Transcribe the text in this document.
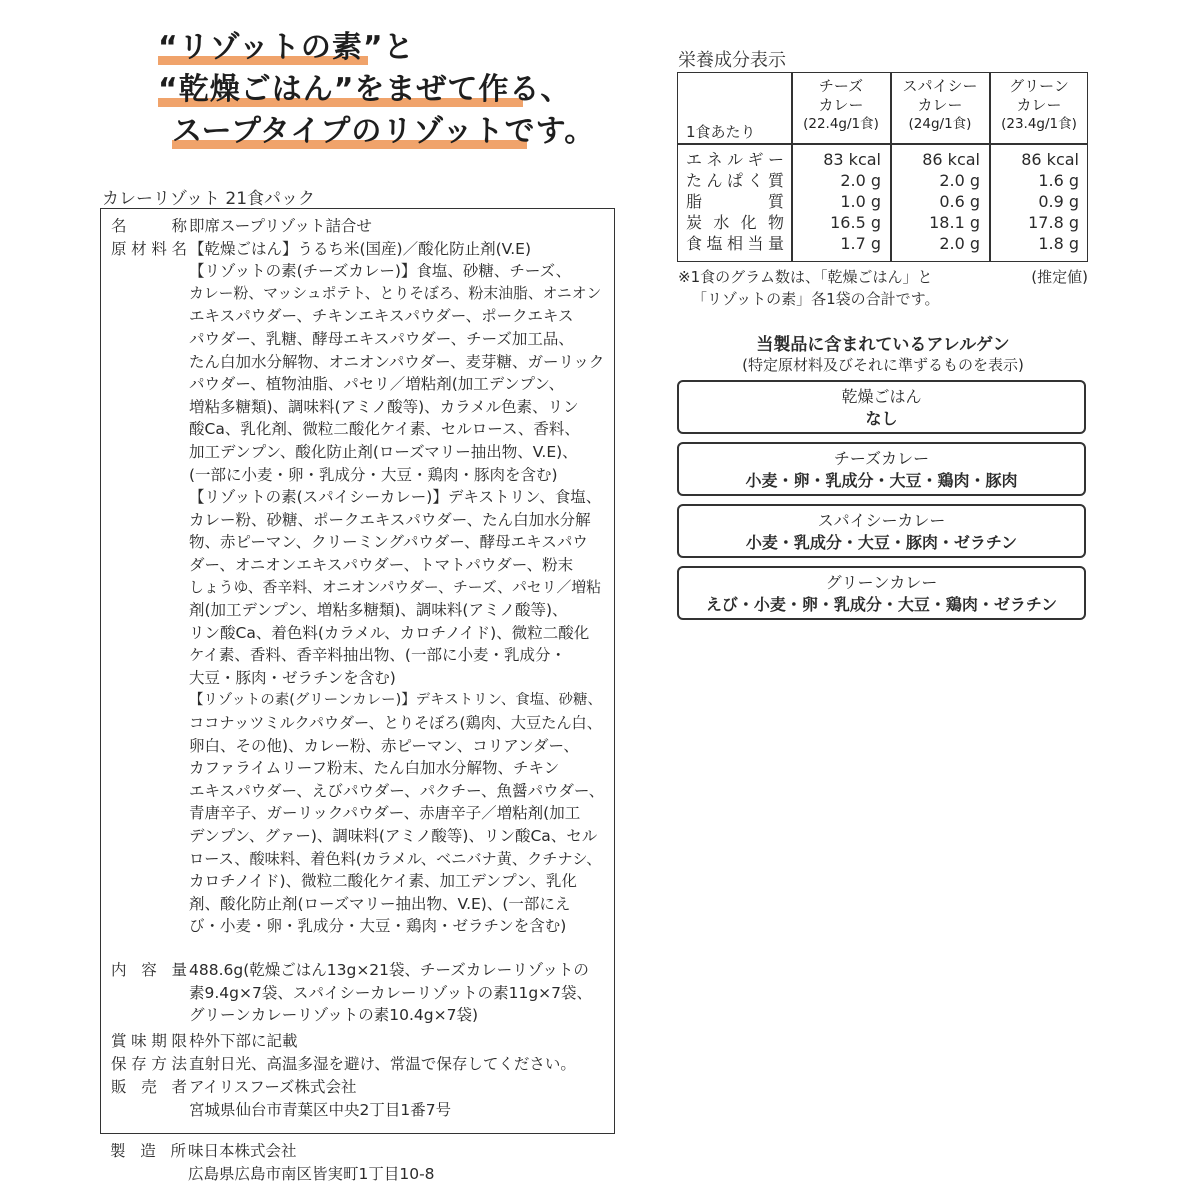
“リゾットの素”と
“乾燥ごはん”をまぜて作る、
スープタイプのリゾットです。
カレーリゾット 21食パック
名　称 即席スープリゾット詰合せ
原材料名 【乾燥ごはん】うるち米(国産)／酸化防止剤(V.E)
【リゾットの素(チーズカレー)】食塩、砂糖、チーズ、
カレー粉、マッシュポテト、とりそぼろ、粉末油脂、オニオン
エキスパウダー、チキンエキスパウダー、ポークエキス
パウダー、乳糖、酵母エキスパウダー、チーズ加工品、
たん白加水分解物、オニオンパウダー、麦芽糖、ガーリック
パウダー、植物油脂、パセリ／増粘剤(加工デンプン、
増粘多糖類)、調味料(アミノ酸等)、カラメル色素、リン
酸Ca、乳化剤、微粒二酸化ケイ素、セルロース、香料、
加工デンプン、酸化防止剤(ローズマリー抽出物、V.E)、
(一部に小麦・卵・乳成分・大豆・鶏肉・豚肉を含む)
【リゾットの素(スパイシーカレー)】デキストリン、食塩、
カレー粉、砂糖、ポークエキスパウダー、たん白加水分解
物、赤ピーマン、クリーミングパウダー、酵母エキスパウ
ダー、オニオンエキスパウダー、トマトパウダー、粉末
しょうゆ、香辛料、オニオンパウダー、チーズ、パセリ／増粘
剤(加工デンプン、増粘多糖類)、調味料(アミノ酸等)、
リン酸Ca、着色料(カラメル、カロチノイド)、微粒二酸化
ケイ素、香料、香辛料抽出物、(一部に小麦・乳成分・
大豆・豚肉・ゼラチンを含む)
【リゾットの素(グリーンカレー)】デキストリン、食塩、砂糖、
ココナッツミルクパウダー、とりそぼろ(鶏肉、大豆たん白、
卵白、その他)、カレー粉、赤ピーマン、コリアンダー、
カファライムリーフ粉末、たん白加水分解物、チキン
エキスパウダー、えびパウダー、パクチー、魚醤パウダー、
青唐辛子、ガーリックパウダー、赤唐辛子／増粘剤(加工
デンプン、グァー)、調味料(アミノ酸等)、リン酸Ca、セル
ロース、酸味料、着色料(カラメル、ベニバナ黄、クチナシ、
カロチノイド)、微粒二酸化ケイ素、加工デンプン、乳化
剤、酸化防止剤(ローズマリー抽出物、V.E)、(一部にえ
び・小麦・卵・乳成分・大豆・鶏肉・ゼラチンを含む)
内容量 488.6g(乾燥ごはん13g×21袋、チーズカレーリゾットの
素9.4g×7袋、スパイシーカレーリゾットの素11g×7袋、
グリーンカレーリゾットの素10.4g×7袋)
賞味期限 枠外下部に記載
保存方法 直射日光、高温多湿を避け、常温で保存してください。
販売者 アイリスフーズ株式会社
宮城県仙台市青葉区中央2丁目1番7号
製造所 味日本株式会社
広島県広島市南区皆実町1丁目10-8
栄養成分表示
1食あたり
チーズ
カレー
(22.4g/1食)
スパイシー
カレー
(24g/1食)
グリーン
カレー
(23.4g/1食)
エネルギー
たんぱく質
脂　質
炭水化物
食塩相当量
83 kcal
2.0 g
1.0 g
16.5 g
1.7 g
86 kcal
2.0 g
0.6 g
18.1 g
2.0 g
86 kcal
1.6 g
0.9 g
17.8 g
1.8 g
※1食のグラム数は、「乾燥ごはん」と
「リゾットの素」各1袋の合計です。
(推定値)
当製品に含まれているアレルゲン
(特定原材料及びそれに準ずるものを表示)
乾燥ごはん
なし
チーズカレー
小麦・卵・乳成分・大豆・鶏肉・豚肉
スパイシーカレー
小麦・乳成分・大豆・豚肉・ゼラチン
グリーンカレー
えび・小麦・卵・乳成分・大豆・鶏肉・ゼラチン
